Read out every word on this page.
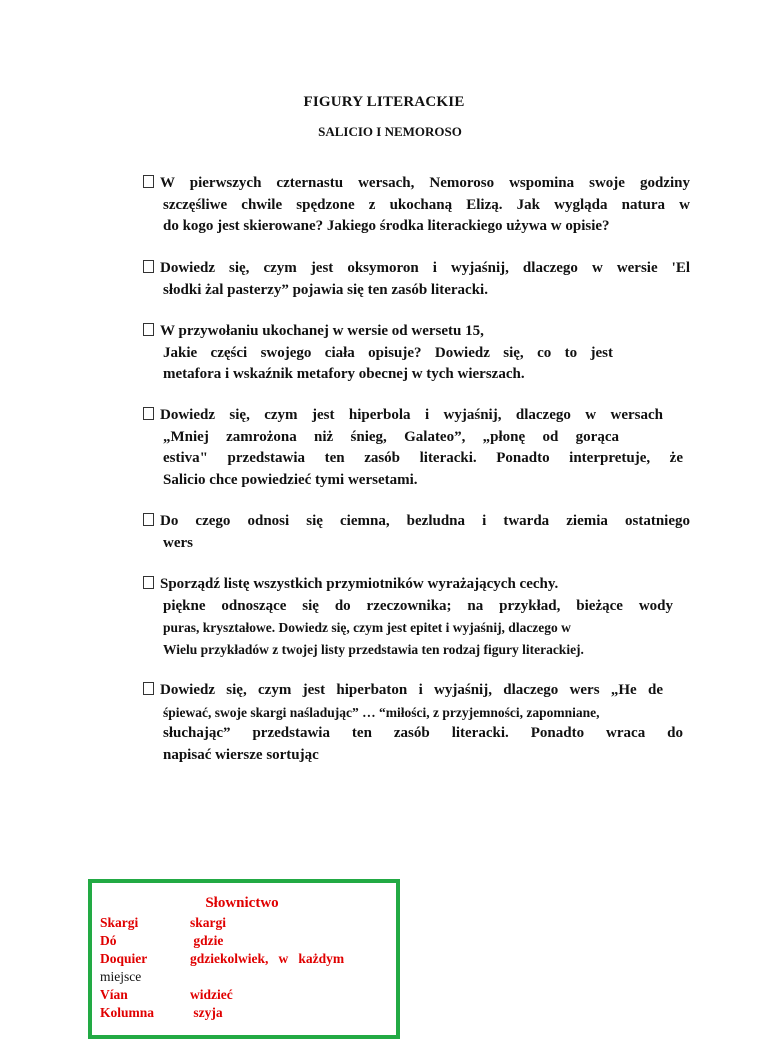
FIGURY LITERACKIE
SALICIO I NEMOROSO
W pierwszych czternastu wersach, Nemoroso wspomina swoje godziny
szczęśliwe chwile spędzone z ukochaną Elizą. Jak wygląda natura w
do kogo jest skierowane? Jakiego środka literackiego używa w opisie?
Dowiedz się, czym jest oksymoron i wyjaśnij, dlaczego w wersie 'El
słodki żal pasterzy” pojawia się ten zasób literacki.
W przywołaniu ukochanej w wersie od wersetu 15,
Jakie części swojego ciała opisuje? Dowiedz się, co to jest
metafora i wskaźnik metafory obecnej w tych wierszach.
Dowiedz się, czym jest hiperbola i wyjaśnij, dlaczego w wersach
„Mniej zamrożona niż śnieg, Galateo”, „płonę od gorąca
estiva" przedstawia ten zasób literacki. Ponadto interpretuje, że
Salicio chce powiedzieć tymi wersetami.
Do czego odnosi się ciemna, bezludna i twarda ziemia ostatniego
wers
Sporządź listę wszystkich przymiotników wyrażających cechy.
piękne odnoszące się do rzeczownika; na przykład, bieżące wody
puras, kryształowe. Dowiedz się, czym jest epitet i wyjaśnij, dlaczego w
Wielu przykładów z twojej listy przedstawia ten rodzaj figury literackiej.
Dowiedz się, czym jest hiperbaton i wyjaśnij, dlaczego wers „He de
śpiewać, swoje skargi naśladując” … “miłości, z przyjemności, zapomniane,
słuchając” przedstawia ten zasób literacki. Ponadto wraca do
napisać wiersze sortując
Słownictwo
Skargi	skargi
Dó	gdzie
Doquier	gdziekolwiek,   w   każdym
miejsce
Vían	widzieć
Kolumna	szyja
